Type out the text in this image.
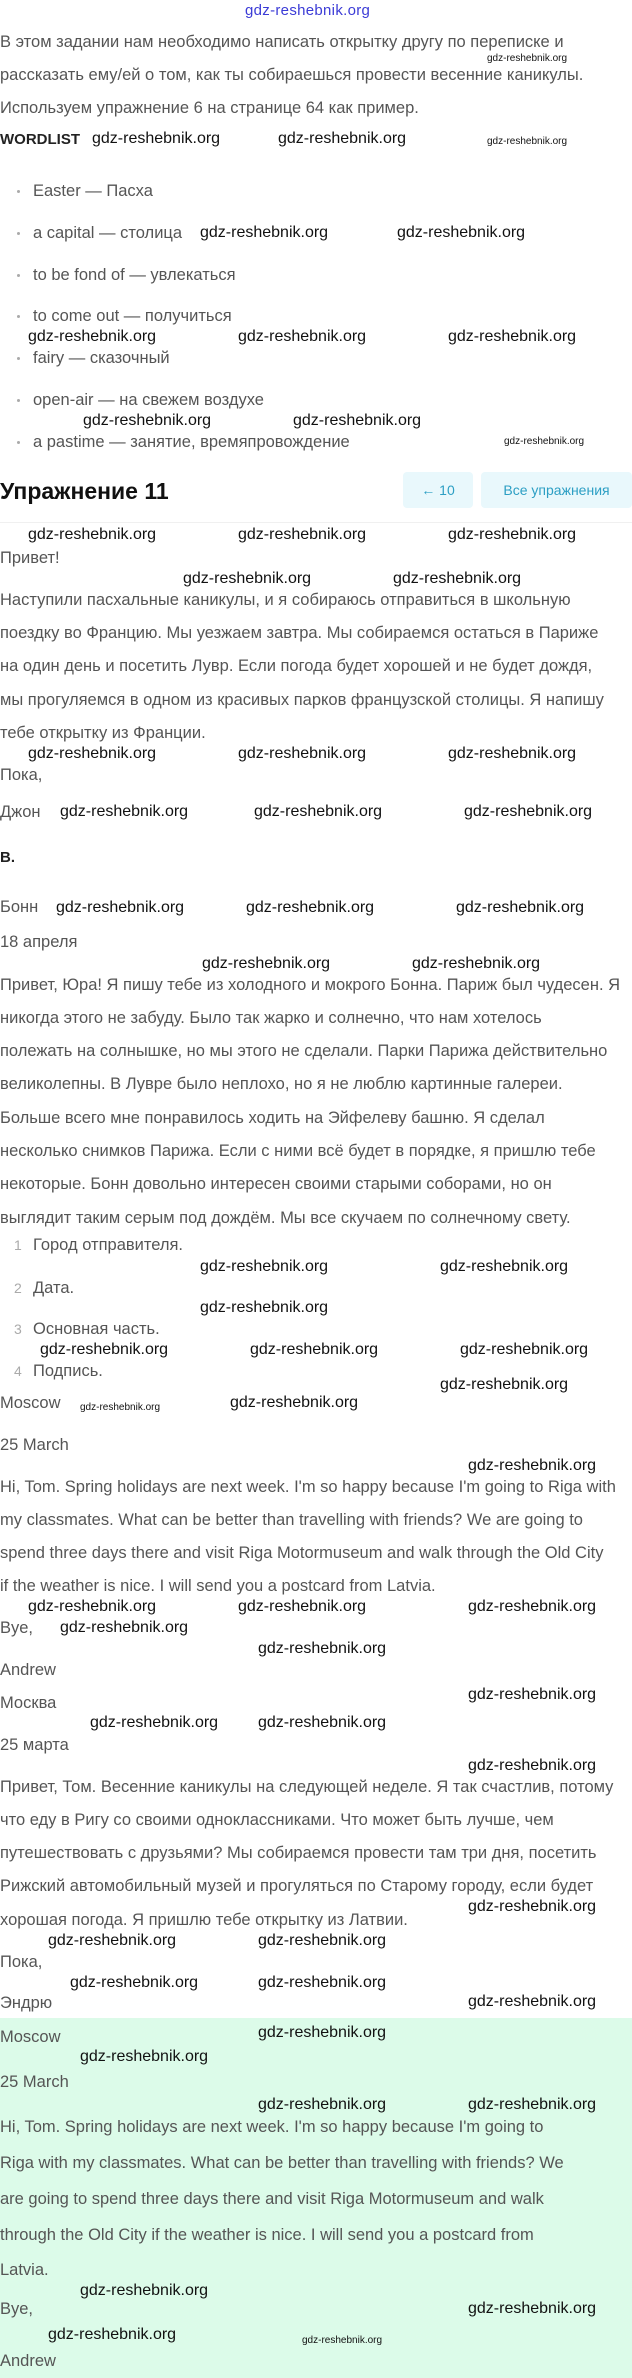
gdz-reshebnik.org
В этом задании нам необходимо написать открытку другу по переписке и
рассказать ему/ей о том, как ты собираешься провести весенние каникулы.
Используем упражнение 6 на странице 64 как пример.
WORDLIST
Easter — Пасха
a capital — столица
to be fond of — увлекаться
to come out — получиться
fairy — сказочный
open-air — на свежем воздухе
a pastime — занятие, времяпровождение
Упражнение 11	← 10	Все упражнения
Привет!
Наступили пасхальные каникулы, и я собираюсь отправиться в школьную
поездку во Францию. Мы уезжаем завтра. Мы собираемся остаться в Париже
на один день и посетить Лувр. Если погода будет хорошей и не будет дождя,
мы прогуляемся в одном из красивых парков французской столицы. Я напишу
тебе открытку из Франции.
Пока,
Джон
B.
Бонн
18 апреля
Привет, Юра! Я пишу тебе из холодного и мокрого Бонна. Париж был чудесен. Я
никогда этого не забуду. Было так жарко и солнечно, что нам хотелось
полежать на солнышке, но мы этого не сделали. Парки Парижа действительно
великолепны. В Лувре было неплохо, но я не люблю картинные галереи.
Больше всего мне понравилось ходить на Эйфелеву башню. Я сделал
несколько снимков Парижа. Если с ними всё будет в порядке, я пришлю тебе
некоторые. Бонн довольно интересен своими старыми соборами, но он
выглядит таким серым под дождём. Мы все скучаем по солнечному свету.
1 Город отправителя.
2 Дата.
3 Основная часть.
4 Подпись.
Moscow
25 March
Hi, Tom. Spring holidays are next week. I'm so happy because I'm going to Riga with
my classmates. What can be better than travelling with friends? We are going to
spend three days there and visit Riga Motormuseum and walk through the Old City
if the weather is nice. I will send you a postcard from Latvia.
Bye,
Andrew
Москва
25 марта
Привет, Том. Весенние каникулы на следующей неделе. Я так счастлив, потому
что еду в Ригу со своими одноклассниками. Что может быть лучше, чем
путешествовать с друзьями? Мы собираемся провести там три дня, посетить
Рижский автомобильный музей и прогуляться по Старому городу, если будет
хорошая погода. Я пришлю тебе открытку из Латвии.
Пока,
Эндрю
Moscow
25 March
Hi, Tom. Spring holidays are next week. I'm so happy because I'm going to
Riga with my classmates. What can be better than travelling with friends? We
are going to spend three days there and visit Riga Motormuseum and walk
through the Old City if the weather is nice. I will send you a postcard from
Latvia.
Bye,
Andrew
gdz-reshebnik.org
gdz-reshebnik.org	gdz-reshebnik.org	gdz-reshebnik.org
gdz-reshebnik.org	gdz-reshebnik.org
gdz-reshebnik.org	gdz-reshebnik.org	gdz-reshebnik.org
gdz-reshebnik.org	gdz-reshebnik.org
gdz-reshebnik.org
gdz-reshebnik.org	gdz-reshebnik.org	gdz-reshebnik.org
gdz-reshebnik.org	gdz-reshebnik.org
gdz-reshebnik.org	gdz-reshebnik.org	gdz-reshebnik.org
gdz-reshebnik.org	gdz-reshebnik.org	gdz-reshebnik.org
gdz-reshebnik.org	gdz-reshebnik.org	gdz-reshebnik.org
gdz-reshebnik.org	gdz-reshebnik.org
gdz-reshebnik.org	gdz-reshebnik.org
gdz-reshebnik.org
gdz-reshebnik.org	gdz-reshebnik.org	gdz-reshebnik.org
gdz-reshebnik.org
gdz-reshebnik.org	gdz-reshebnik.org
gdz-reshebnik.org
gdz-reshebnik.org	gdz-reshebnik.org	gdz-reshebnik.org
gdz-reshebnik.org
gdz-reshebnik.org
gdz-reshebnik.org
gdz-reshebnik.org gdz-reshebnik.org
gdz-reshebnik.org
gdz-reshebnik.org
gdz-reshebnik.org	gdz-reshebnik.org
gdz-reshebnik.org	gdz-reshebnik.org
gdz-reshebnik.org
gdz-reshebnik.org
gdz-reshebnik.org
gdz-reshebnik.org
gdz-reshebnik.org
gdz-reshebnik.org
gdz-reshebnik.org
gdz-reshebnik.org	gdz-reshebnik.org
